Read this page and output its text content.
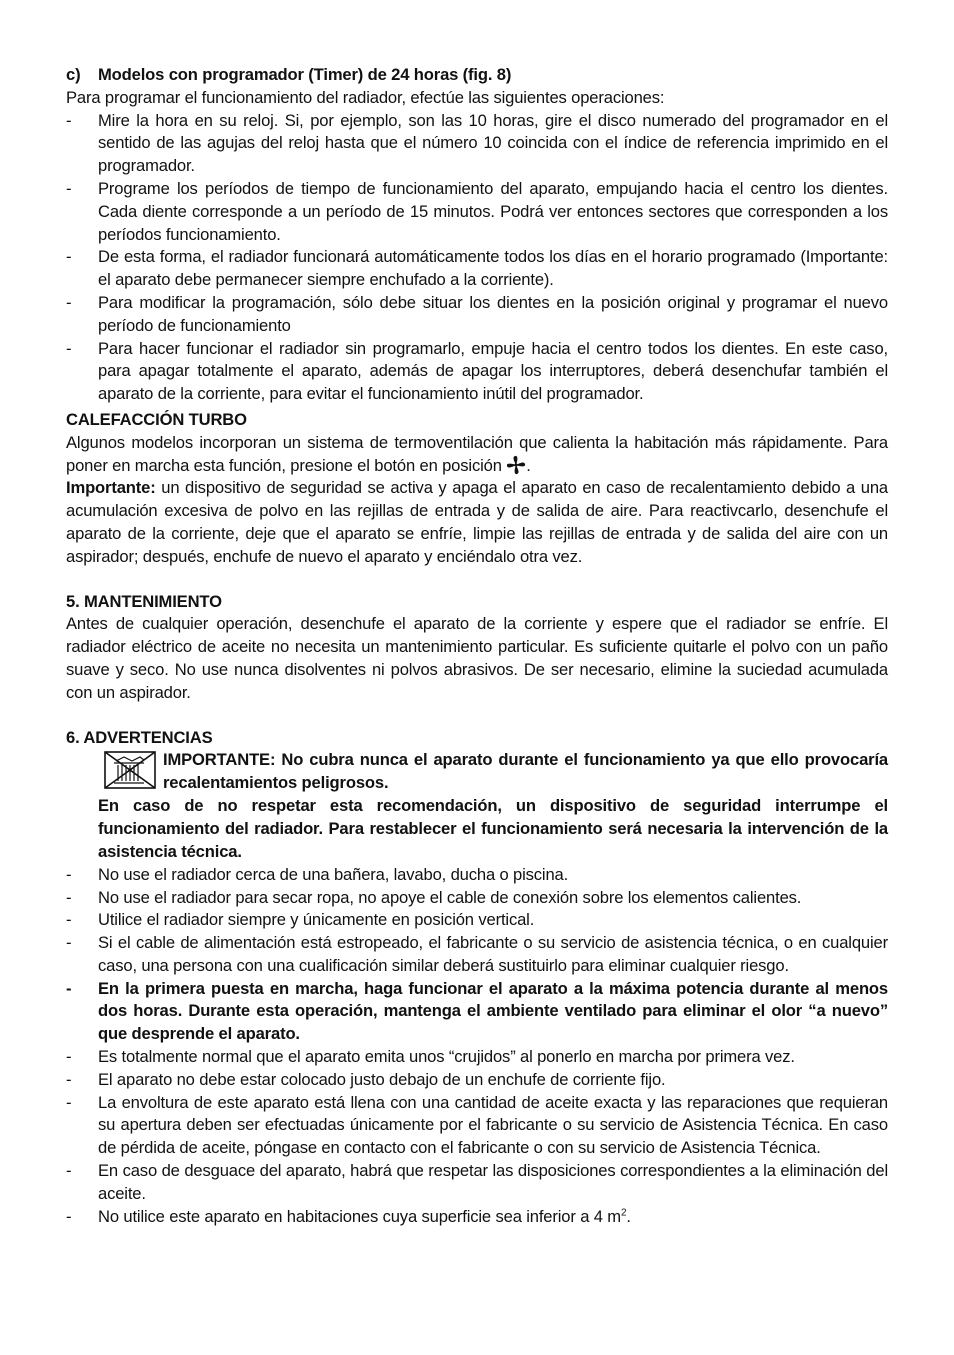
c)	Modelos con programador (Timer) de 24 horas (fig. 8)

Para programar el funcionamiento del radiador, efectúe las siguientes operaciones:

- Mire la hora en su reloj. Si, por ejemplo, son las 10 horas, gire el disco numerado del programador en el sentido de las agujas del reloj hasta que el número 10 coincida con el índice de referencia imprimido en el programador.
- Programe los períodos de tiempo de funcionamiento del aparato, empujando hacia el centro los dientes. Cada diente corresponde a un período de 15 minutos. Podrá ver entonces sectores que corresponden a los períodos funcionamiento.
- De esta forma, el radiador funcionará automáticamente todos los días en el horario programado (Importante: el aparato debe permanecer siempre enchufado a la corriente).
- Para modificar la programación, sólo debe situar los dientes en la posición original y programar el nuevo período de funcionamiento
- Para hacer funcionar el radiador sin programarlo, empuje hacia el centro todos los dientes. En este caso, para apagar totalmente el aparato, además de apagar los interruptores, deberá desenchufar también el aparato de la corriente, para evitar el funcionamiento inútil del programador.

CALEFACCIÓN TURBO

Algunos modelos incorporan un sistema de termoventilación que calienta la habitación más rápidamente. Para poner en marcha esta función, presione el botón en posición .

Importante: un dispositivo de seguridad se activa y apaga el aparato en caso de recalentamiento debido a una acumulación excesiva de polvo en las rejillas de entrada y de salida de aire. Para reactivcarlo, desenchufe el aparato de la corriente, deje que el aparato se enfríe, limpie las rejillas de entrada y de salida del aire con un aspirador; después, enchufe de nuevo el aparato y enciéndalo otra vez.

5. MANTENIMIENTO

Antes de cualquier operación, desenchufe el aparato de la corriente y espere que el radiador se enfríe. El radiador eléctrico de aceite no necesita un mantenimiento particular. Es suficiente quitarle el polvo con un paño suave y seco. No use nunca disolventes ni polvos abrasivos. De ser necesario, elimine la suciedad acumulada con un aspirador.

6. ADVERTENCIAS

IMPORTANTE: No cubra nunca el aparato durante el funcionamiento ya que ello provocaría recalentamientos peligrosos.

En caso de no respetar esta recomendación, un dispositivo de seguridad interrumpe el funcionamiento del radiador. Para restablecer el funcionamiento será necesaria la intervención de la asistencia técnica.

- No use el radiador cerca de una bañera, lavabo, ducha o piscina.
- No use el radiador para secar ropa, no apoye el cable de conexión sobre los elementos calientes.
- Utilice el radiador siempre y únicamente en posición vertical.
- Si el cable de alimentación está estropeado, el fabricante o su servicio de asistencia técnica, o en cualquier caso, una persona con una cualificación similar deberá sustituirlo para eliminar cualquier riesgo.
- En la primera puesta en marcha, haga funcionar el aparato a la máxima potencia durante al menos dos horas. Durante esta operación, mantenga el ambiente ventilado para eliminar el olor “a nuevo” que desprende el aparato.
- Es totalmente normal que el aparato emita unos “crujidos” al ponerlo en marcha por primera vez.
- El aparato no debe estar colocado justo debajo de un enchufe de corriente fijo.
- La envoltura de este aparato está llena con una cantidad de aceite exacta y las reparaciones que requieran su apertura deben ser efectuadas únicamente por el fabricante o su servicio de Asistencia Técnica. En caso de pérdida de aceite, póngase en contacto con el fabricante o con su servicio de Asistencia Técnica.
- En caso de desguace del aparato, habrá que respetar las disposiciones correspondientes a la eliminación del aceite.
- No utilice este aparato en habitaciones cuya superficie sea inferior a 4 $m^2$.
